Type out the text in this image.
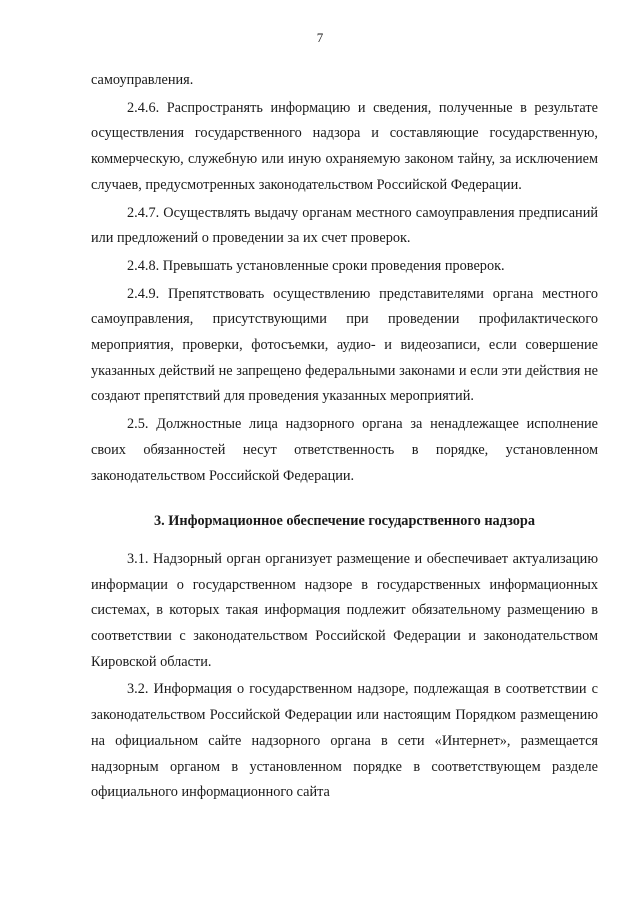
7

самоуправления.

2.4.6. Распространять информацию и сведения, полученные в результате осуществления государственного надзора и составляющие государственную, коммерческую, служебную или иную охраняемую законом тайну, за исключением случаев, предусмотренных законодательством Российской Федерации.

2.4.7. Осуществлять выдачу органам местного самоуправления предписаний или предложений о проведении за их счет проверок.

2.4.8. Превышать установленные сроки проведения проверок.

2.4.9. Препятствовать осуществлению представителями органа местного самоуправления, присутствующими при проведении профилактического мероприятия, проверки, фотосъемки, аудио- и видеозаписи, если совершение указанных действий не запрещено федеральными законами и если эти действия не создают препятствий для проведения указанных мероприятий.

2.5. Должностные лица надзорного органа за ненадлежащее исполнение своих обязанностей несут ответственность в порядке, установленном законодательством Российской Федерации.

3. Информационное обеспечение государственного надзора

3.1. Надзорный орган организует размещение и обеспечивает актуализацию информации о государственном надзоре в государственных информационных системах, в которых такая информация подлежит обязательному размещению в соответствии с законодательством Российской Федерации и законодательством Кировской области.

3.2. Информация о государственном надзоре, подлежащая в соответствии с законодательством Российской Федерации или настоящим Порядком размещению на официальном сайте надзорного органа в сети «Интернет», размещается надзорным органом в установленном порядке в соответствующем разделе официального информационного сайта
